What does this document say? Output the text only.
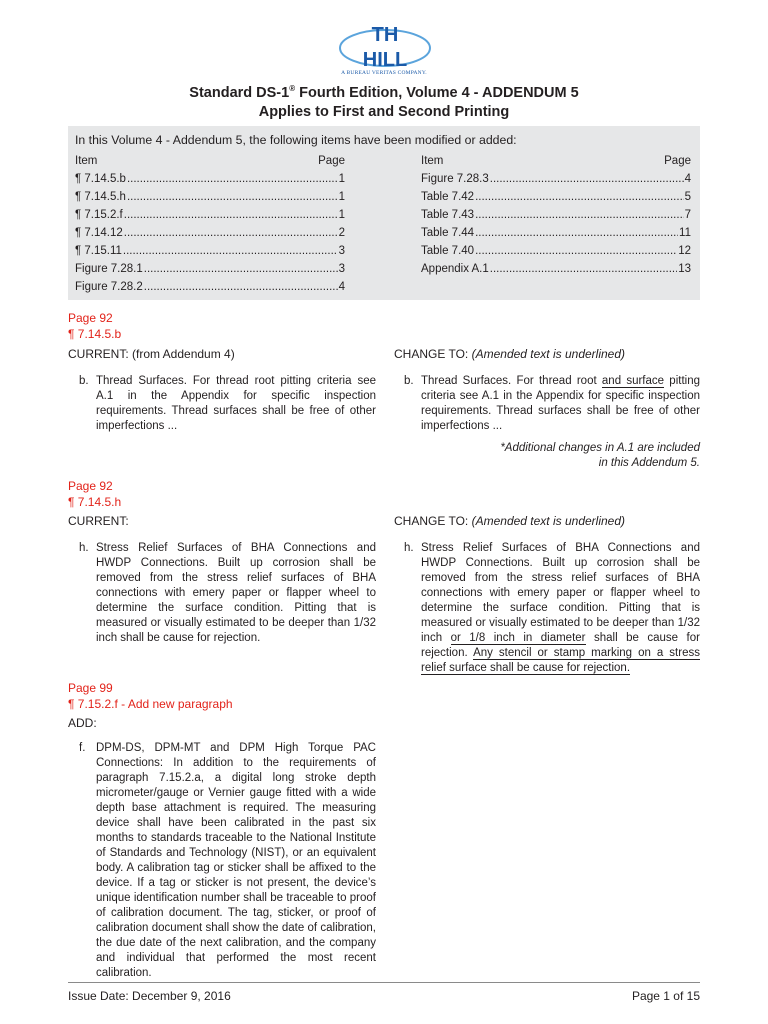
TH
HILL
A BUREAU VERITAS COMPANY.
Standard DS-1® Fourth Edition, Volume 4 - ADDENDUM 5
Applies to First and Second Printing
In this Volume 4 - Addendum 5, the following items have been modified or added:
Item	Page
¶ 7.14.5.b .....	1
¶ 7.14.5.h .....	1
¶ 7.15.2.f .....	1
¶ 7.14.12 .....	2
¶ 7.15.11 .....	3
Figure 7.28.1 .....	3
Figure 7.28.2 .....	4
Item	Page
Figure 7.28.3 .....	4
Table 7.42 .....	5
Table 7.43 .....	7
Table 7.44 .....	11
Table 7.40 .....	12
Appendix A.1 .....	13
Page 92
¶ 7.14.5.b
CURRENT: (from Addendum 4)	CHANGE TO: (Amended text is underlined)
b. Thread Surfaces. For thread root pitting criteria see A.1 in the Appendix for specific inspection requirements. Thread surfaces shall be free of other imperfections ...
b. Thread Surfaces. For thread root and surface pitting criteria see A.1 in the Appendix for specific inspection requirements. Thread surfaces shall be free of other imperfections ...
*Additional changes in A.1 are included
in this Addendum 5.
Page 92
¶ 7.14.5.h
CURRENT:	CHANGE TO: (Amended text is underlined)
h. Stress Relief Surfaces of BHA Connections and HWDP Connections. Built up corrosion shall be removed from the stress relief surfaces of BHA connections with emery paper or flapper wheel to determine the surface condition. Pitting that is measured or visually estimated to be deeper than 1/32 inch shall be cause for rejection.
h. Stress Relief Surfaces of BHA Connections and HWDP Connections. Built up corrosion shall be removed from the stress relief surfaces of BHA connections with emery paper or flapper wheel to determine the surface condition. Pitting that is measured or visually estimated to be deeper than 1/32 inch or 1/8 inch in diameter shall be cause for rejection. Any stencil or stamp marking on a stress relief surface shall be cause for rejection.
Page 99
¶ 7.15.2.f - Add new paragraph
ADD:
f. DPM-DS, DPM-MT and DPM High Torque PAC Connections: In addition to the requirements of paragraph 7.15.2.a, a digital long stroke depth micrometer/gauge or Vernier gauge fitted with a wide depth base attachment is required. The measuring device shall have been calibrated in the past six months to standards traceable to the National Institute of Standards and Technology (NIST), or an equivalent body. A calibration tag or sticker shall be affixed to the device. If a tag or sticker is not present, the device’s unique identification number shall be traceable to proof of calibration document. The tag, sticker, or proof of calibration document shall show the date of calibration, the due date of the next calibration, and the company and individual that performed the most recent calibration.
Issue Date: December 9, 2016	Page 1 of 15
